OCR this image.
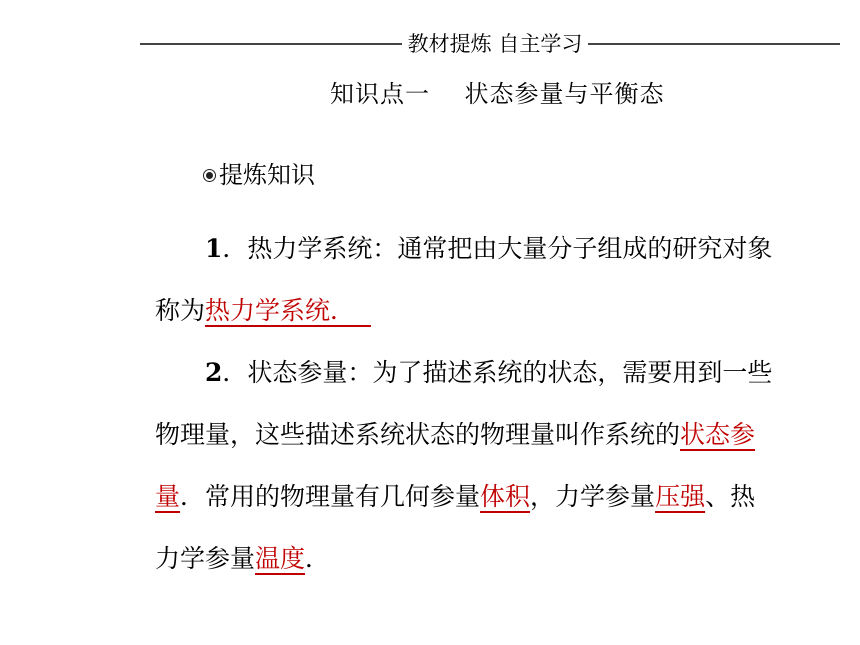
教材提炼 自主学习
知识点一    状态参量与平衡态
提炼知识
1．热力学系统：通常把由大量分子组成的研究对象
称为热力学系统．
2．状态参量：为了描述系统的状态，需要用到一些
物理量，这些描述系统状态的物理量叫作系统的状态参
量．常用的物理量有几何参量体积，力学参量压强、热
力学参量温度．
